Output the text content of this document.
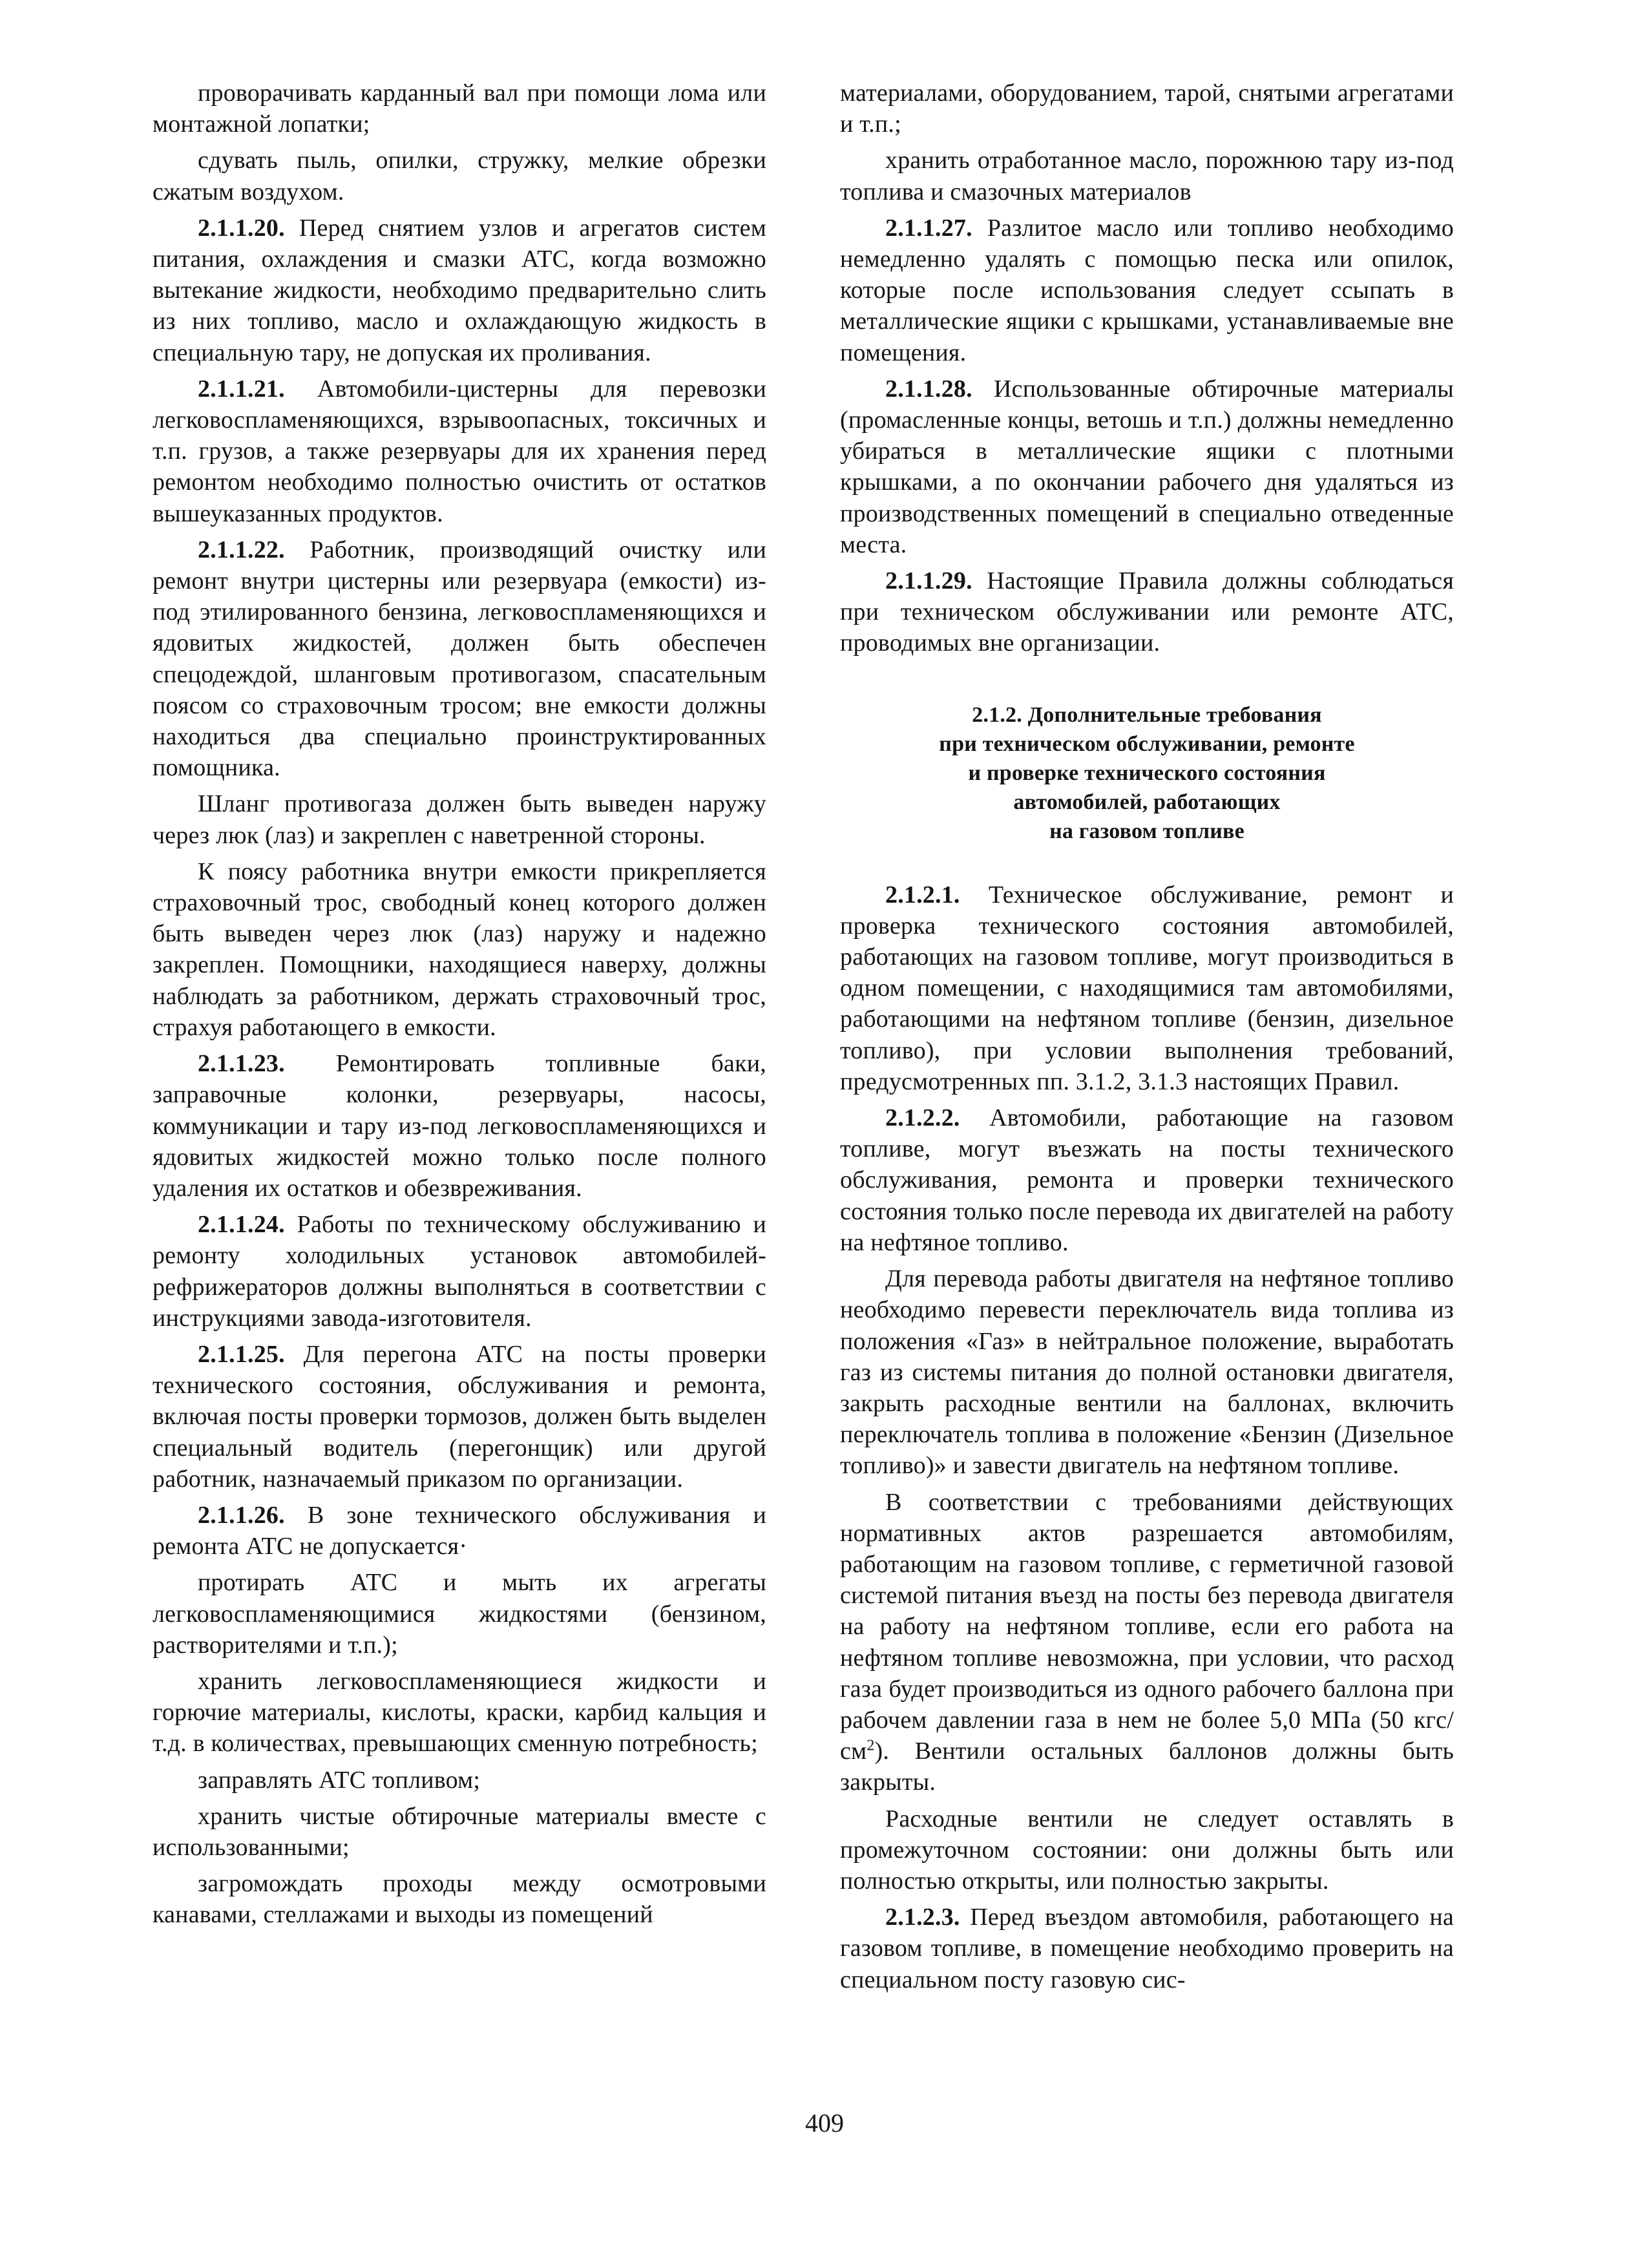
проворачивать карданный вал при помощи лома или монтажной лопатки;

сдувать пыль, опилки, стружку, мелкие обрезки сжатым воздухом.

2.1.1.20. Перед снятием узлов и агрегатов систем питания, охлаждения и смазки АТС, когда возможно вытекание жидкости, необходимо предварительно слить из них топливо, масло и охлаждающую жидкость в специальную тару, не допуская их проливания.

2.1.1.21. Автомобили-цистерны для перевозки легковоспламеняющихся, взрывоопасных, токсичных и т.п. грузов, а также резервуары для их хранения перед ремонтом необходимо полностью очистить от остатков вышеуказанных продуктов.

2.1.1.22. Работник, производящий очистку или ремонт внутри цистерны или резервуара (емкости) из-под этилированного бензина, легковоспламеняющихся и ядовитых жидкостей, должен быть обеспечен спецодеждой, шланговым противогазом, спасательным поясом со страховочным тросом; вне емкости должны находиться два специально проинструктированных помощника.

Шланг противогаза должен быть выведен наружу через люк (лаз) и закреплен с наветренной стороны.

К поясу работника внутри емкости прикрепляется страховочный трос, свободный конец которого должен быть выведен через люк (лаз) наружу и надежно закреплен. Помощники, находящиеся наверху, должны наблюдать за работником, держать страховочный трос, страхуя работающего в емкости.

2.1.1.23. Ремонтировать топливные баки, заправочные колонки, резервуары, насосы, коммуникации и тару из-под легковоспламеняющихся и ядовитых жидкостей можно только после полного удаления их остатков и обезвреживания.

2.1.1.24. Работы по техническому обслуживанию и ремонту холодильных установок автомобилей-рефрижераторов должны выполняться в соответствии с инструкциями завода-изготовителя.

2.1.1.25. Для перегона АТС на посты проверки технического состояния, обслуживания и ремонта, включая посты проверки тормозов, должен быть выделен специальный водитель (перегонщик) или другой работник, назначаемый приказом по организации.

2.1.1.26. В зоне технического обслуживания и ремонта АТС не допускается·

протирать АТС и мыть их агрегаты легковоспламеняющимися жидкостями (бензином, растворителями и т.п.);

хранить легковоспламеняющиеся жидкости и горючие материалы, кислоты, краски, карбид кальция и т.д. в количествах, превышающих сменную потребность;

заправлять АТС топливом;

хранить чистые обтирочные материалы вместе с использованными;

загромождать проходы между осмотровыми канавами, стеллажами и выходы из помещений

материалами, оборудованием, тарой, снятыми агрегатами и т.п.;

хранить отработанное масло, порожнюю тару из-под топлива и смазочных материалов

2.1.1.27. Разлитое масло или топливо необходимо немедленно удалять с помощью песка или опилок, которые после использования следует ссыпать в металлические ящики с крышками, устанавливаемые вне помещения.

2.1.1.28. Использованные обтирочные материалы (промасленные концы, ветошь и т.п.) должны немедленно убираться в металлические ящики с плотными крышками, а по окончании рабочего дня удаляться из производственных помещений в специально отведенные места.

2.1.1.29. Настоящие Правила должны соблюдаться при техническом обслуживании или ремонте АТС, проводимых вне организации.

2.1.2. Дополнительные требования
при техническом обслуживании, ремонте
и проверке технического состояния
автомобилей, работающих
на газовом топливе

2.1.2.1. Техническое обслуживание, ремонт и проверка технического состояния автомобилей, работающих на газовом топливе, могут производиться в одном помещении, с находящимися там автомобилями, работающими на нефтяном топливе (бензин, дизельное топливо), при условии выполнения требований, предусмотренных пп. 3.1.2, 3.1.3 настоящих Правил.

2.1.2.2. Автомобили, работающие на газовом топливе, могут въезжать на посты технического обслуживания, ремонта и проверки технического состояния только после перевода их двигателей на работу на нефтяное топливо.

Для перевода работы двигателя на нефтяное топливо необходимо перевести переключатель вида топлива из положения «Газ» в нейтральное положение, выработать газ из системы питания до полной остановки двигателя, закрыть расходные вентили на баллонах, включить переключатель топлива в положение «Бензин (Дизельное топливо)» и завести двигатель на нефтяном топливе.

В соответствии с требованиями действующих нормативных актов разрешается автомобилям, работающим на газовом топливе, с герметичной газовой системой питания въезд на посты без перевода двигателя на работу на нефтяном топливе, если его работа на нефтяном топливе невозможна, при условии, что расход газа будет производиться из одного рабочего баллона при рабочем давлении газа в нем не более 5,0 МПа (50 кгс/$см^2$). Вентили остальных баллонов должны быть закрыты.

Расходные вентили не следует оставлять в промежуточном состоянии: они должны быть или полностью открыты, или полностью закрыты.

2.1.2.3. Перед въездом автомобиля, работающего на газовом топливе, в помещение необходимо проверить на специальном посту газовую сис-

409
